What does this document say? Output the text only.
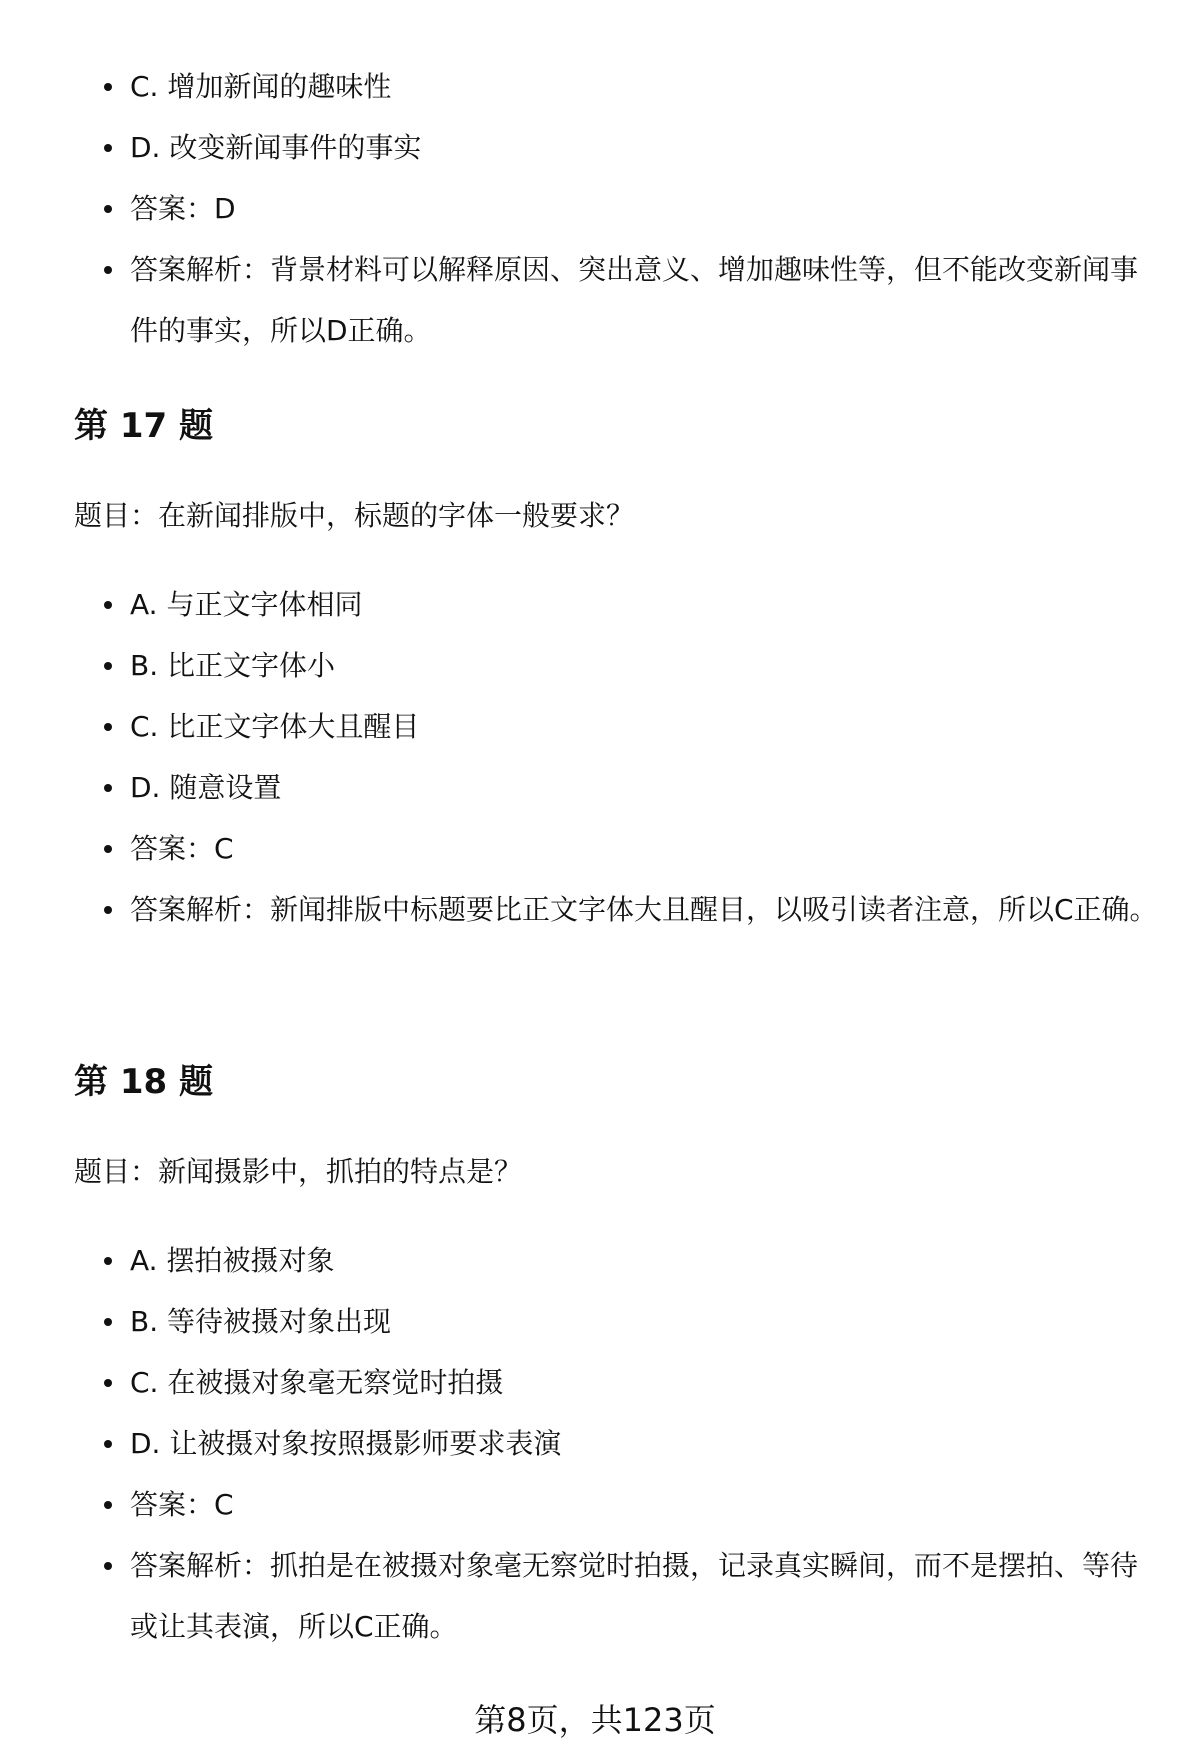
C. 增加新闻的趣味性
D. 改变新闻事件的事实
答案：D
答案解析：背景材料可以解释原因、突出意义、增加趣味性等，但不能改变新闻事件的事实，所以D正确。
第 17 题

题目：在新闻排版中，标题的字体一般要求？

A. 与正文字体相同
B. 比正文字体小
C. 比正文字体大且醒目
D. 随意设置
答案：C
答案解析：新闻排版中标题要比正文字体大且醒目，以吸引读者注意，所以C正确。
第 18 题

题目：新闻摄影中，抓拍的特点是？

A. 摆拍被摄对象
B. 等待被摄对象出现
C. 在被摄对象毫无察觉时拍摄
D. 让被摄对象按照摄影师要求表演
答案：C
答案解析：抓拍是在被摄对象毫无察觉时拍摄，记录真实瞬间，而不是摆拍、等待或让其表演，所以C正确。
第8页，共123页
